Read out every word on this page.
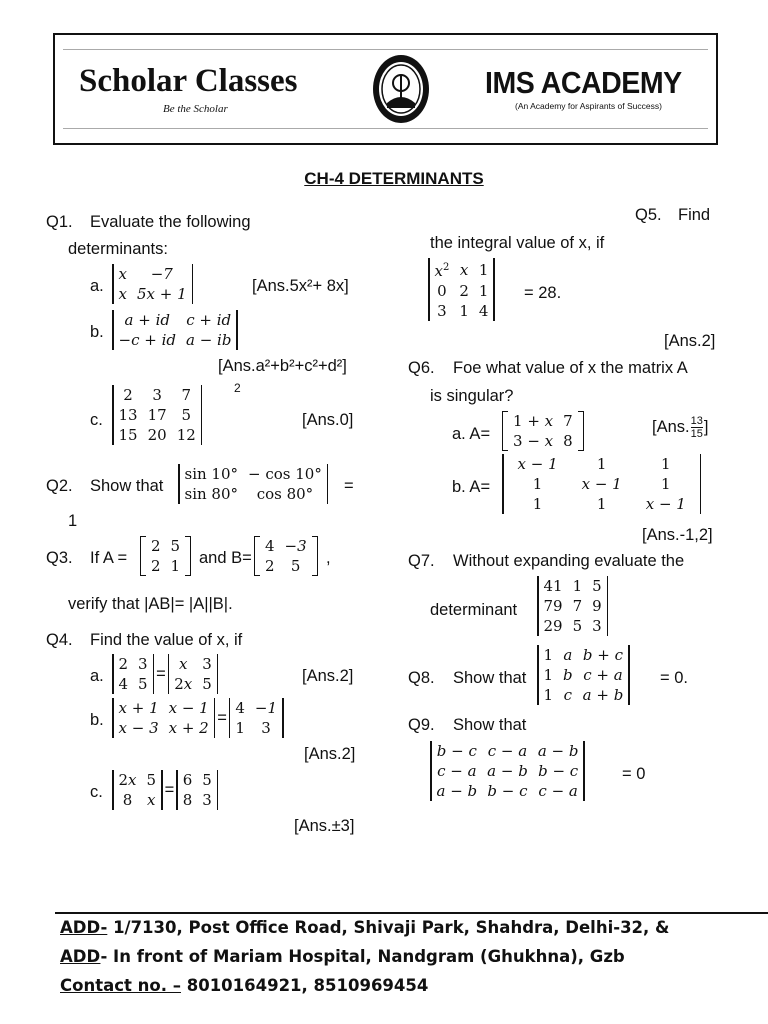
Scholar Classes
Be the Scholar
IMS ACADEMY
(An Academy for Aspirants of Success)
CH-4 DETERMINANTS
Q1. Evaluate the following
determinants:
a.
x	−7
x	5x + 1	[Ans.5x²+ 8x]
b.
a + id	c + id
−c + id	a − ib
[Ans.a²+b²+c²+d²]
c.
2	3	7
13	17	5
15	20	12
2
[Ans.0]
Q2. Show that
sin 10°	− cos 10°
sin 80°	cos 80° =
1
Q3. If A =
2	5
2	1 and B=
4	−3
2	5 ,
verify that |AB|= |A||B|.
Q4. Find the value of x, if
a.
2	3
4	5
=
x	3
2x	5	[Ans.2]
b.
x + 1	x − 1
x − 3	x + 2
=
4	−1
1	3
[Ans.2]
c.
2x	5
8	x
=
6	5
8	3
[Ans.±3]
Q5. Find
the integral value of x, if
$x^2$	x	1
0	2	1
3	1	4
= 28.
[Ans.2]
Q6. Foe what value of x the matrix A
is singular?
a. A=
1 + x	7
3 − x	8
[Ans. $\frac{13}{15}$ ]
b. A=
x − 1	1	1
1	x − 1	1
1	1	x − 1
[Ans.-1,2]
Q7. Without expanding evaluate the
determinant
41	1	5
79	7	9
29	5	3
Q8. Show that
1	a	b + c
1	b	c + a
1	c	a + b
= 0.
Q9. Show that
b − c	c − a	a − b
c − a	a − b	b − c
a − b	b − c	c − a
= 0
ADD- 1/7130, Post Office Road, Shivaji Park, Shahdra, Delhi-32, &
ADD- In front of Mariam Hospital, Nandgram (Ghukhna), Gzb
Contact no. – 8010164921, 8510969454
